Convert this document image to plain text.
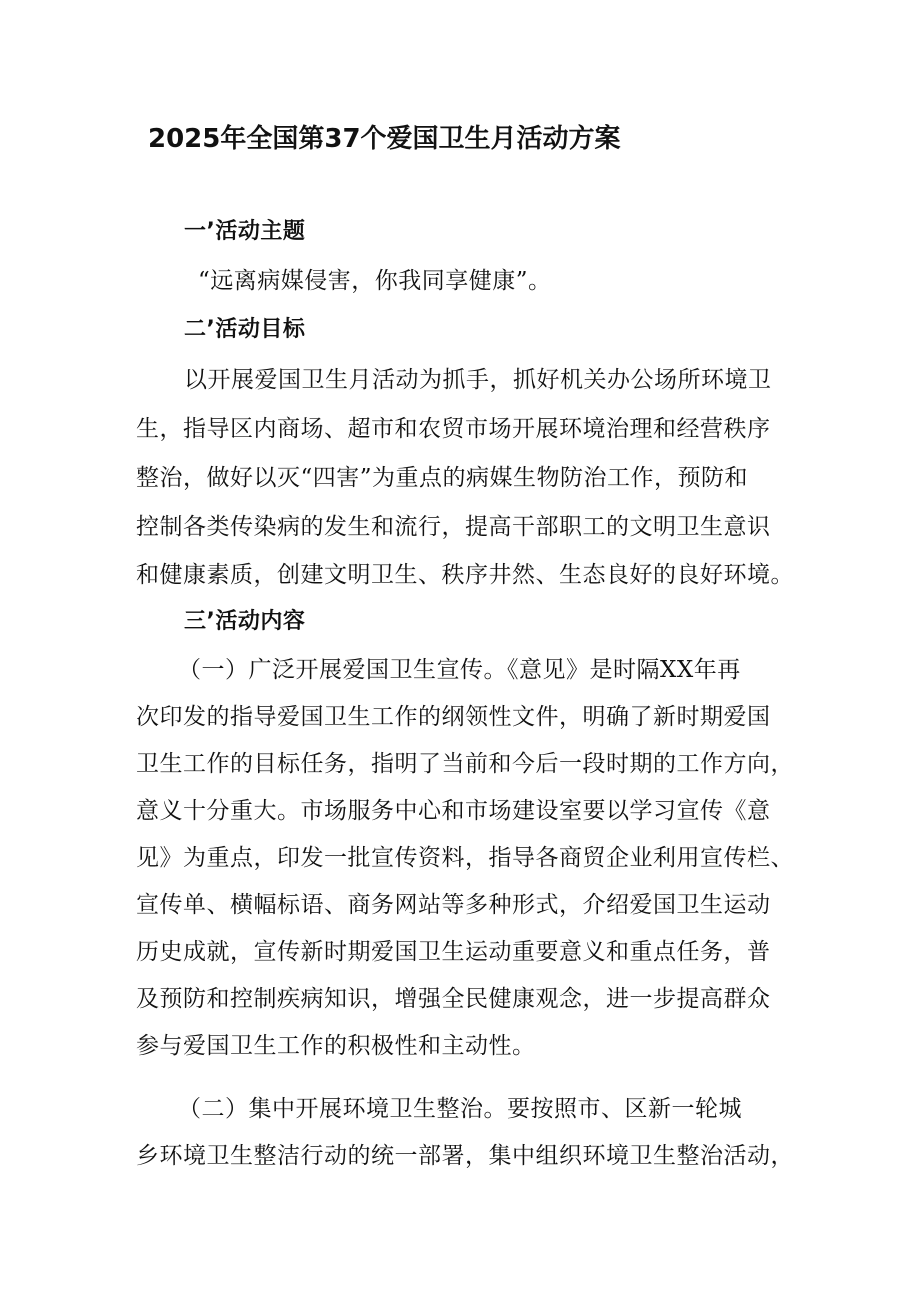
2025年全国第37个爱国卫生月活动方案
一’活动主题
“远离病媒侵害，你我同享健康”。
二’活动目标
以开展爱国卫生月活动为抓手，抓好机关办公场所环境卫
生，指导区内商场、超市和农贸市场开展环境治理和经营秩序
整治，做好以灭“四害”为重点的病媒生物防治工作，预防和
控制各类传染病的发生和流行，提高干部职工的文明卫生意识
和健康素质，创建文明卫生、秩序井然、生态良好的良好环境。
三’活动内容
（一）广泛开展爱国卫生宣传。《意见》是时隔XX年再
次印发的指导爱国卫生工作的纲领性文件，明确了新时期爱国
卫生工作的目标任务，指明了当前和今后一段时期的工作方向，
意义十分重大。市场服务中心和市场建设室要以学习宣传《意
见》为重点，印发一批宣传资料，指导各商贸企业利用宣传栏、
宣传单、横幅标语、商务网站等多种形式，介绍爱国卫生运动
历史成就，宣传新时期爱国卫生运动重要意义和重点任务，普
及预防和控制疾病知识，增强全民健康观念，进一步提高群众
参与爱国卫生工作的积极性和主动性。
（二）集中开展环境卫生整治。要按照市、区新一轮城
乡环境卫生整洁行动的统一部署，集中组织环境卫生整治活动，
